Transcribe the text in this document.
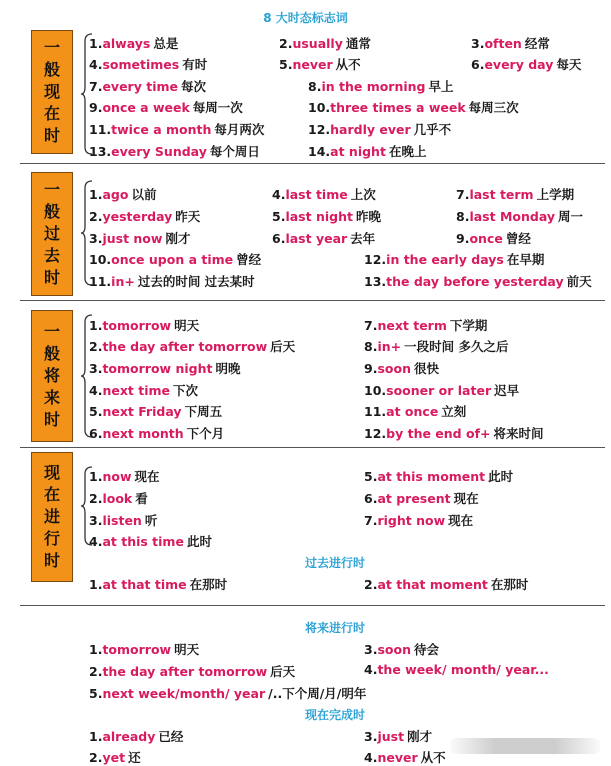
8 大时态标志词
一
般
现
在
时
一
般
过
去
时
一
般
将
来
时
现
在
进
行
时
1.always 总是	2.usually 通常	3.often 经常
4.sometimes 有时	5.never 从不	6.every day 每天
7.every time 每次	8.in the morning 早上
9.once a week 每周一次	10.three times a week 每周三次
11.twice a month 每月两次	12.hardly ever 几乎不
13.every Sunday 每个周日	14.at night 在晚上
1.ago 以前	4.last time 上次	7.last term 上学期
2.yesterday 昨天	5.last night 昨晚	8.last Monday 周一
3.just now 刚才	6.last year 去年	9.once 曾经
10.once upon a time 曾经	12.in the early days 在早期
11.in+ 过去的时间 过去某时	13.the day before yesterday 前天
1.tomorrow 明天	7.next term 下学期
2.the day after tomorrow 后天	8.in+ 一段时间 多久之后
3.tomorrow night 明晚	9.soon 很快
4.next time 下次	10.sooner or later 迟早
5.next Friday 下周五	11.at once 立刻
6.next month 下个月	12.by the end of+ 将来时间
1.now 现在	5.at this moment 此时
2.look 看	6.at present 现在
3.listen 听	7.right now 现在
4.at this time 此时
1.at that time 在那时	2.at that moment 在那时
1.tomorrow 明天	3.soon 待会
2.the day after tomorrow 后天	4.the week/ month/ year...
5.next week/month/ year /..下个周/月/明年
1.already 已经	3.just 刚才
2.yet 还	4.never 从不
过去进行时
将来进行时
现在完成时
